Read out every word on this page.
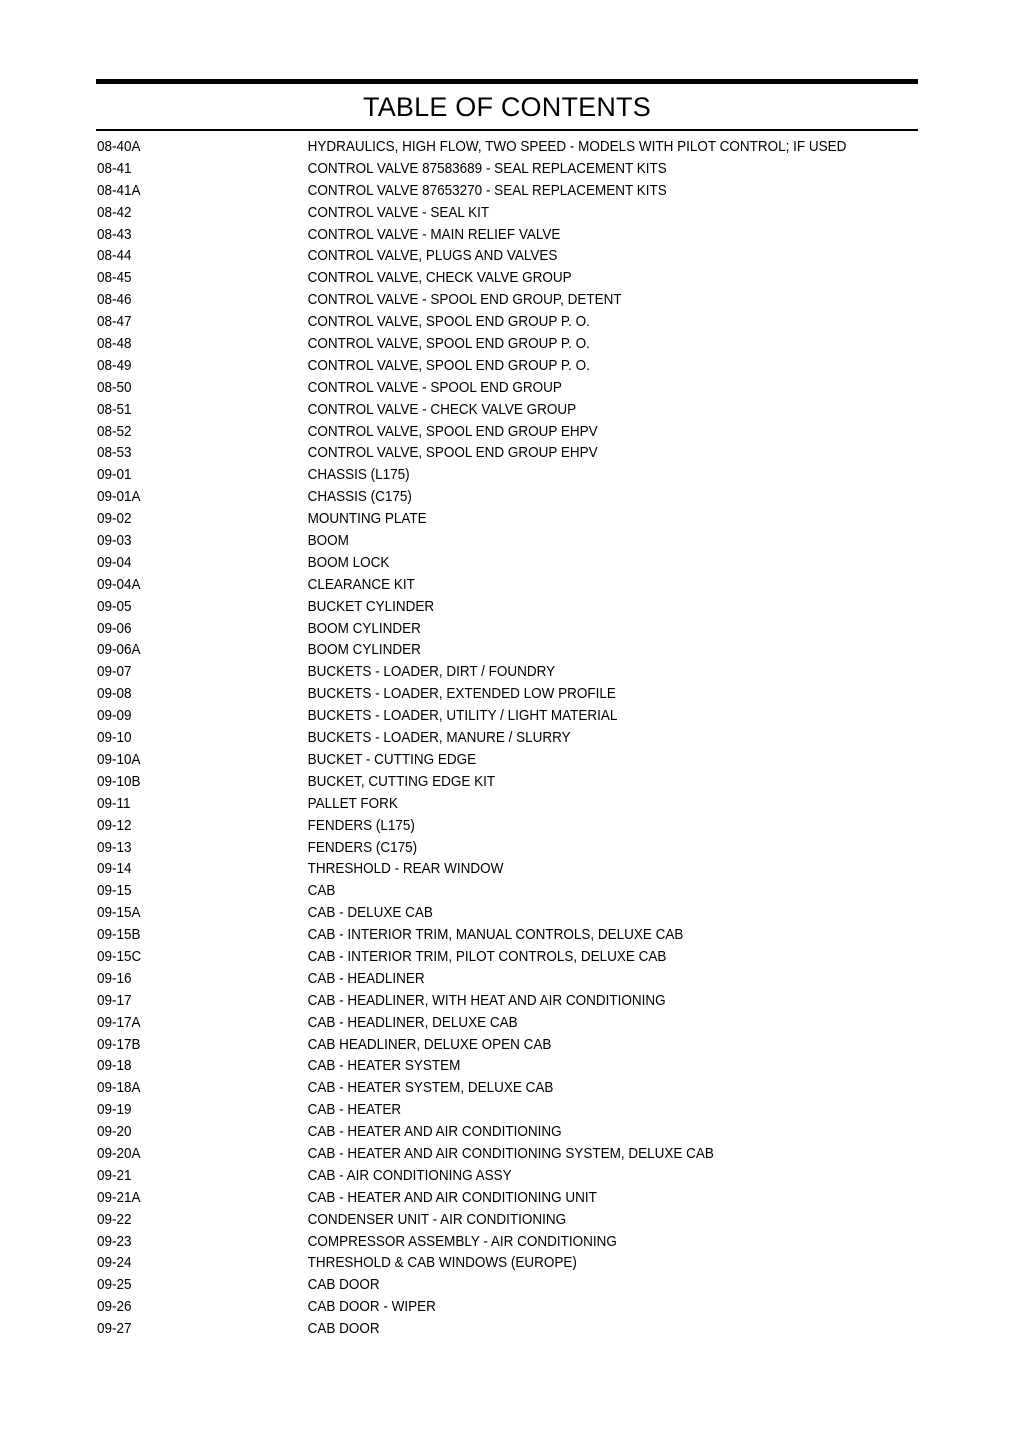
TABLE OF CONTENTS
08-40A	HYDRAULICS, HIGH FLOW, TWO SPEED - MODELS WITH PILOT CONTROL; IF USED
08-41	CONTROL VALVE 87583689 - SEAL REPLACEMENT KITS
08-41A	CONTROL VALVE 87653270 - SEAL REPLACEMENT KITS
08-42	CONTROL VALVE - SEAL KIT
08-43	CONTROL VALVE - MAIN RELIEF VALVE
08-44	CONTROL VALVE, PLUGS AND VALVES
08-45	CONTROL VALVE, CHECK VALVE GROUP
08-46	CONTROL VALVE - SPOOL END GROUP, DETENT
08-47	CONTROL VALVE, SPOOL END GROUP P. O.
08-48	CONTROL VALVE, SPOOL END GROUP P. O.
08-49	CONTROL VALVE, SPOOL END GROUP P. O.
08-50	CONTROL VALVE - SPOOL END GROUP
08-51	CONTROL VALVE - CHECK VALVE GROUP
08-52	CONTROL VALVE, SPOOL END GROUP EHPV
08-53	CONTROL VALVE, SPOOL END GROUP EHPV
09-01	CHASSIS (L175)
09-01A	CHASSIS (C175)
09-02	MOUNTING PLATE
09-03	BOOM
09-04	BOOM LOCK
09-04A	CLEARANCE KIT
09-05	BUCKET CYLINDER
09-06	BOOM CYLINDER
09-06A	BOOM CYLINDER
09-07	BUCKETS - LOADER, DIRT / FOUNDRY
09-08	BUCKETS - LOADER, EXTENDED LOW PROFILE
09-09	BUCKETS - LOADER, UTILITY / LIGHT MATERIAL
09-10	BUCKETS - LOADER, MANURE / SLURRY
09-10A	BUCKET - CUTTING EDGE
09-10B	BUCKET, CUTTING EDGE KIT
09-11	PALLET FORK
09-12	FENDERS (L175)
09-13	FENDERS (C175)
09-14	THRESHOLD - REAR WINDOW
09-15	CAB
09-15A	CAB - DELUXE CAB
09-15B	CAB - INTERIOR TRIM, MANUAL CONTROLS, DELUXE CAB
09-15C	CAB - INTERIOR TRIM, PILOT CONTROLS, DELUXE CAB
09-16	CAB - HEADLINER
09-17	CAB - HEADLINER, WITH HEAT AND AIR CONDITIONING
09-17A	CAB - HEADLINER, DELUXE CAB
09-17B	CAB HEADLINER, DELUXE OPEN CAB
09-18	CAB - HEATER SYSTEM
09-18A	CAB - HEATER SYSTEM, DELUXE CAB
09-19	CAB - HEATER
09-20	CAB - HEATER AND AIR CONDITIONING
09-20A	CAB - HEATER AND AIR CONDITIONING SYSTEM, DELUXE CAB
09-21	CAB - AIR CONDITIONING ASSY
09-21A	CAB - HEATER AND AIR CONDITIONING UNIT
09-22	CONDENSER UNIT - AIR CONDITIONING
09-23	COMPRESSOR ASSEMBLY - AIR CONDITIONING
09-24	THRESHOLD & CAB WINDOWS (EUROPE)
09-25	CAB DOOR
09-26	CAB DOOR - WIPER
09-27	CAB DOOR
